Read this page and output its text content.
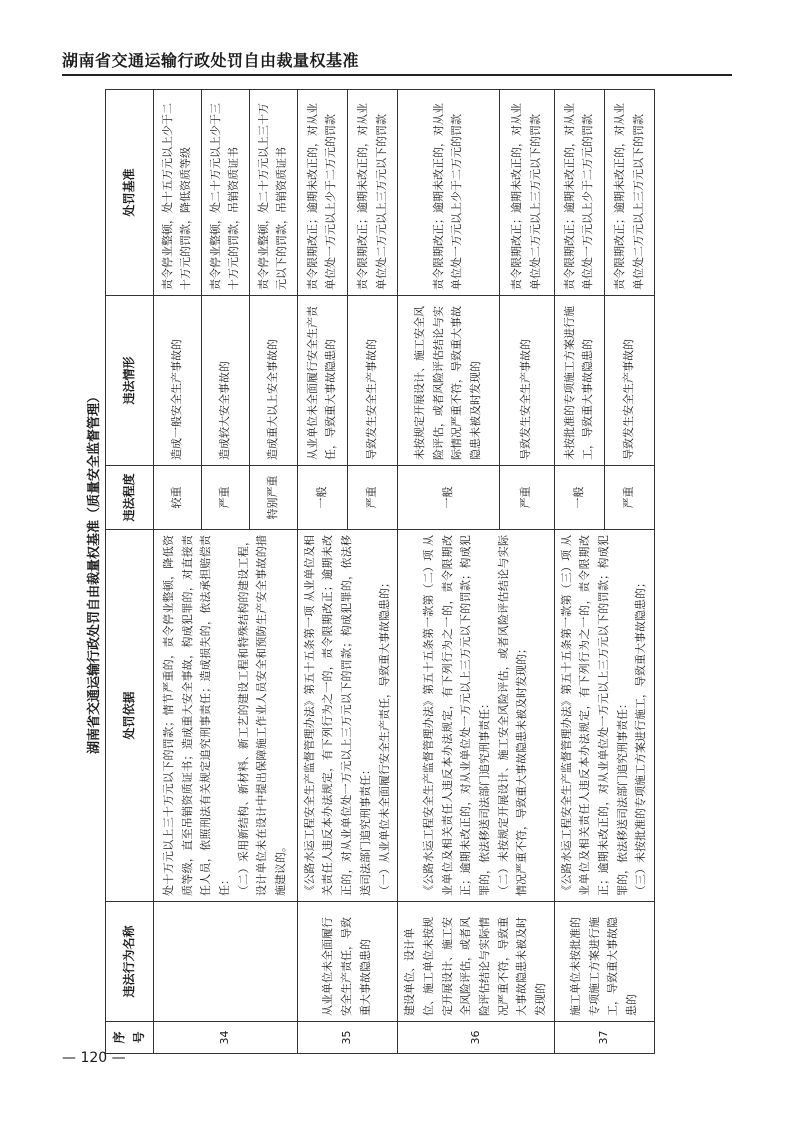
湖南省交通运输行政处罚自由裁量权基准
湖南省交通运输行政处罚自由裁量权基准（质量安全监督管理）
序号	违法行为名称	处罚依据	违法程度	违法情形	处罚基准
34		处十万元以上三十万元以下的罚款；情节严重的，责令停业整顿，降低资质等级，直至吊销资质证书；造成重大安全事故，构成犯罪的，对直接责任人员，依照刑法有关规定追究刑事责任；造成损失的，依法承担赔偿责任： （二）采用新结构、新材料、新工艺的建设工程和特殊结构的建设工程，设计单位未在设计中提出保障施工作业人员安全和预防生产安全事故的措施建议的。	较重	造成一般安全生产事故的	责令停业整顿，处十五万元以上少于二十万元的罚款，降低资质等级
			严重	造成较大安全事故的	责令停业整顿，处二十万元以上少于三十万元的罚款，吊销资质证书
			特别严重	造成重大以上安全事故的	责令停业整顿，处二十万元以上三十万元以下的罚款，吊销资质证书
35	从业单位未全面履行安全生产责任，导致重大事故隐患的	《公路水运工程安全生产监督管理办法》第五十五条第一项 从业单位及相关责任人违反本办法规定，有下列行为之一的，责令限期改正；逾期未改正的，对从业单位处一万元以上三万元以下的罚款；构成犯罪的，依法移送司法部门追究刑事责任： （一）从业单位未全面履行安全生产责任，导致重大事故隐患的；	一般	从业单位未全面履行安全生产责任，导致重大事故隐患的	责令限期改正；逾期未改正的，对从业单位处一万元以上少于二万元的罚款
			严重	导致发生安全生产事故的	责令限期改正；逾期未改正的，对从业单位处二万元以上三万元以下的罚款
36	建设单位、设计单位、施工单位未按规定开展设计、施工安全风险评估，或者风险评估结论与实际情况严重不符，导致重大事故隐患未被及时发现的	《公路水运工程安全生产监督管理办法》第五十五条第一款第（二）项 从业单位及相关责任人违反本办法规定，有下列行为之一的，责令限期改正；逾期未改正的，对从业单位处一万元以上三万元以下的罚款；构成犯罪的，依法移送司法部门追究刑事责任： （二）未按规定开展设计、施工安全风险评估，或者风险评估结论与实际情况严重不符，导致重大事故隐患未被及时发现的；	一般	未按规定开展设计、施工安全风险评估，或者风险评估结论与实际情况严重不符，导致重大事故隐患未被及时发现的	责令限期改正；逾期未改正的，对从业单位处一万元以上少于二万元的罚款
			严重	导致发生安全生产事故的	责令限期改正；逾期未改正的，对从业单位处二万元以上三万元以下的罚款
37	施工单位未按批准的专项施工方案进行施工，导致重大事故隐患的	《公路水运工程安全生产监督管理办法》第五十五条第一款第（三）项 从业单位及相关责任人违反本办法规定，有下列行为之一的，责令限期改正；逾期未改正的，对从业单位处一万元以上三万元以下的罚款；构成犯罪的，依法移送司法部门追究刑事责任： （三）未按批准的专项施工方案进行施工，导致重大事故隐患的；	一般	未按批准的专项施工方案进行施工，导致重大事故隐患的	责令限期改正；逾期未改正的，对从业单位处一万元以上少于二万元的罚款
			严重	导致发生安全生产事故的	责令限期改正；逾期未改正的，对从业单位处二万元以上三万元以下的罚款
— 120 —
